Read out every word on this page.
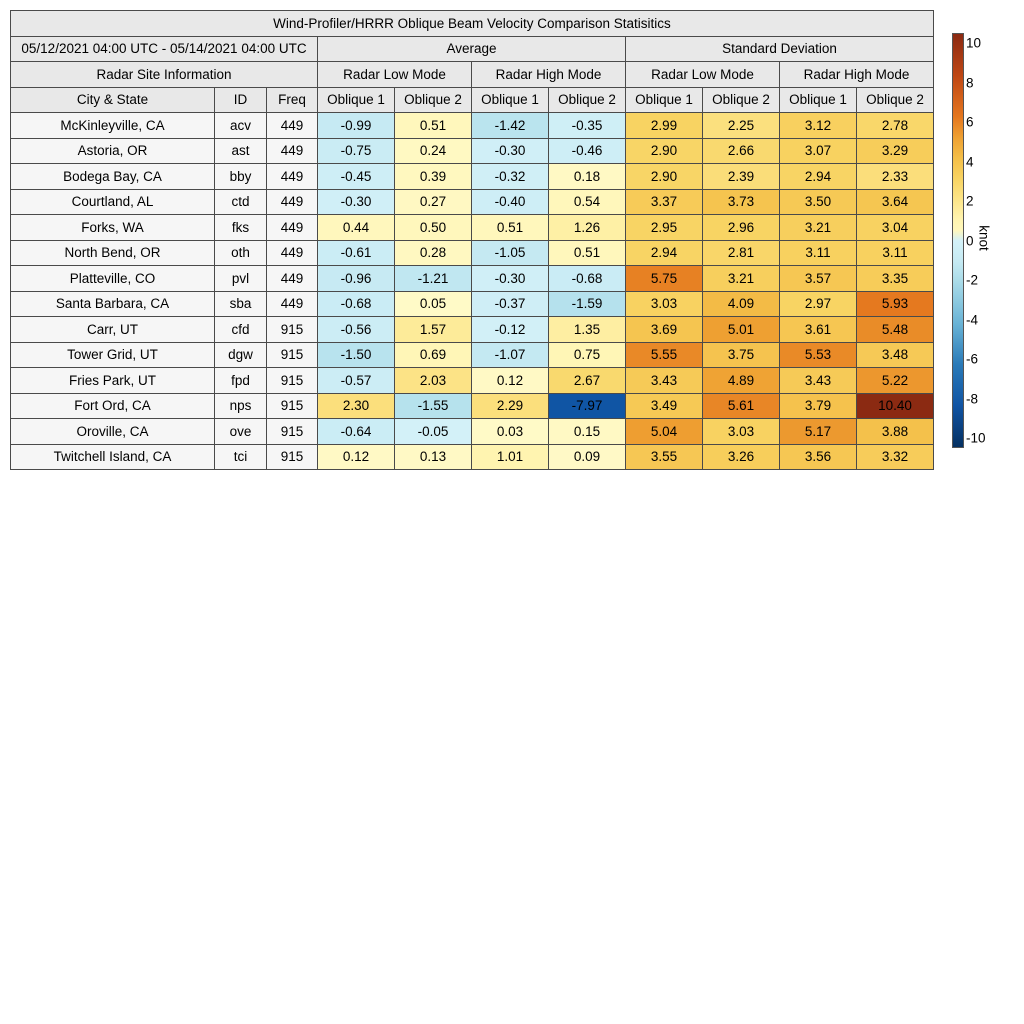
Wind-Profiler/HRRR Oblique Beam Velocity Comparison Statisitics										
05/12/2021 04:00 UTC - 05/14/2021 04:00 UTC			Average				Standard Deviation			
Radar Site Information			Radar Low Mode		Radar High Mode		Radar Low Mode		Radar High Mode	
City & State	ID	Freq	Oblique 1	Oblique 2	Oblique 1	Oblique 2	Oblique 1	Oblique 2	Oblique 1	Oblique 2
McKinleyville, CA	acv	449	-0.99	0.51	-1.42	-0.35	2.99	2.25	3.12	2.78
Astoria, OR	ast	449	-0.75	0.24	-0.30	-0.46	2.90	2.66	3.07	3.29
Bodega Bay, CA	bby	449	-0.45	0.39	-0.32	0.18	2.90	2.39	2.94	2.33
Courtland, AL	ctd	449	-0.30	0.27	-0.40	0.54	3.37	3.73	3.50	3.64
Forks, WA	fks	449	0.44	0.50	0.51	1.26	2.95	2.96	3.21	3.04
North Bend, OR	oth	449	-0.61	0.28	-1.05	0.51	2.94	2.81	3.11	3.11
Platteville, CO	pvl	449	-0.96	-1.21	-0.30	-0.68	5.75	3.21	3.57	3.35
Santa Barbara, CA	sba	449	-0.68	0.05	-0.37	-1.59	3.03	4.09	2.97	5.93
Carr, UT	cfd	915	-0.56	1.57	-0.12	1.35	3.69	5.01	3.61	5.48
Tower Grid, UT	dgw	915	-1.50	0.69	-1.07	0.75	5.55	3.75	5.53	3.48
Fries Park, UT	fpd	915	-0.57	2.03	0.12	2.67	3.43	4.89	3.43	5.22
Fort Ord, CA	nps	915	2.30	-1.55	2.29	-7.97	3.49	5.61	3.79	10.40
Oroville, CA	ove	915	-0.64	-0.05	0.03	0.15	5.04	3.03	5.17	3.88
Twitchell Island, CA	tci	915	0.12	0.13	1.01	0.09	3.55	3.26	3.56	3.32
10
8
6
4
2
0
-2
-4
-6
-8
-10
knot
